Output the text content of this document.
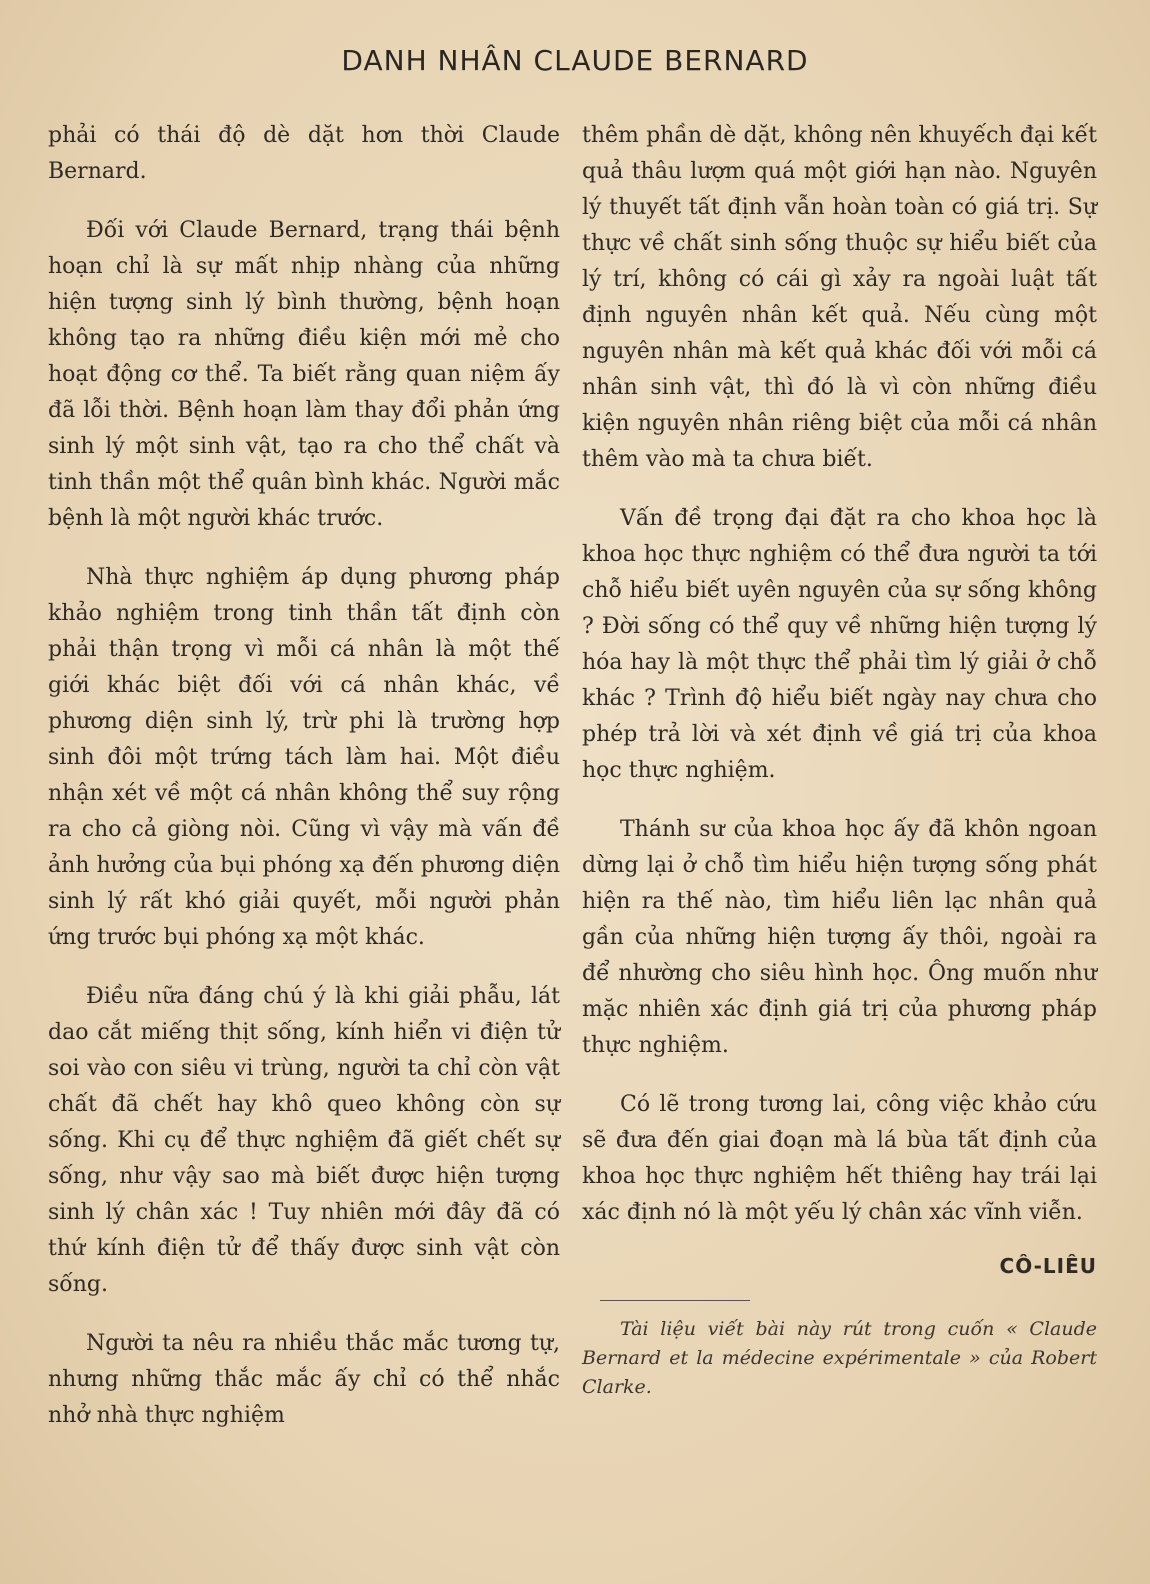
DANH NHÂN CLAUDE BERNARD

phải có thái độ dè dặt hơn thời Claude Bernard.

Đối với Claude Bernard, trạng thái bệnh hoạn chỉ là sự mất nhịp nhàng của những hiện tượng sinh lý bình thường, bệnh hoạn không tạo ra những điều kiện mới mẻ cho hoạt động cơ thể. Ta biết rằng quan niệm ấy đã lỗi thời. Bệnh hoạn làm thay đổi phản ứng sinh lý một sinh vật, tạo ra cho thể chất và tinh thần một thể quân bình khác. Người mắc bệnh là một người khác trước.

Nhà thực nghiệm áp dụng phương pháp khảo nghiệm trong tinh thần tất định còn phải thận trọng vì mỗi cá nhân là một thế giới khác biệt đối với cá nhân khác, về phương diện sinh lý, trừ phi là trường hợp sinh đôi một trứng tách làm hai. Một điều nhận xét về một cá nhân không thể suy rộng ra cho cả giòng nòi. Cũng vì vậy mà vấn đề ảnh hưởng của bụi phóng xạ đến phương diện sinh lý rất khó giải quyết, mỗi người phản ứng trước bụi phóng xạ một khác.

Điều nữa đáng chú ý là khi giải phẫu, lát dao cắt miếng thịt sống, kính hiển vi điện tử soi vào con siêu vi trùng, người ta chỉ còn vật chất đã chết hay khô queo không còn sự sống. Khi cụ để thực nghiệm đã giết chết sự sống, như vậy sao mà biết được hiện tượng sinh lý chân xác ! Tuy nhiên mới đây đã có thứ kính điện tử để thấy được sinh vật còn sống.

Người ta nêu ra nhiều thắc mắc tương tự, nhưng những thắc mắc ấy chỉ có thể nhắc nhở nhà thực nghiệm

thêm phần dè dặt, không nên khuyếch đại kết quả thâu lượm quá một giới hạn nào. Nguyên lý thuyết tất định vẫn hoàn toàn có giá trị. Sự thực về chất sinh sống thuộc sự hiểu biết của lý trí, không có cái gì xảy ra ngoài luật tất định nguyên nhân kết quả. Nếu cùng một nguyên nhân mà kết quả khác đối với mỗi cá nhân sinh vật, thì đó là vì còn những điều kiện nguyên nhân riêng biệt của mỗi cá nhân thêm vào mà ta chưa biết.

Vấn đề trọng đại đặt ra cho khoa học là khoa học thực nghiệm có thể đưa người ta tới chỗ hiểu biết uyên nguyên của sự sống không ? Đời sống có thể quy về những hiện tượng lý hóa hay là một thực thể phải tìm lý giải ở chỗ khác ? Trình độ hiểu biết ngày nay chưa cho phép trả lời và xét định về giá trị của khoa học thực nghiệm.

Thánh sư của khoa học ấy đã khôn ngoan dừng lại ở chỗ tìm hiểu hiện tượng sống phát hiện ra thế nào, tìm hiểu liên lạc nhân quả gần của những hiện tượng ấy thôi, ngoài ra để nhường cho siêu hình học. Ông muốn như mặc nhiên xác định giá trị của phương pháp thực nghiệm.

Có lẽ trong tương lai, công việc khảo cứu sẽ đưa đến giai đoạn mà lá bùa tất định của khoa học thực nghiệm hết thiêng hay trái lại xác định nó là một yếu lý chân xác vĩnh viễn.

CÔ-LIÊU

Tài liệu viết bài này rút trong cuốn « Claude Bernard et la médecine expérimentale » của Robert Clarke.
